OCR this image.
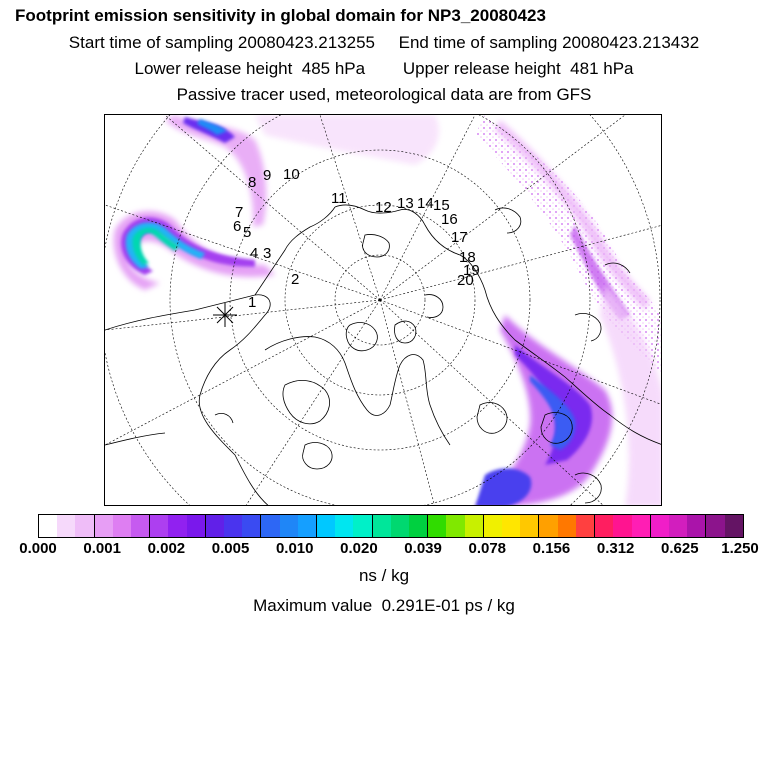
Footprint emission sensitivity in global domain for NP3_20080423
Start time of sampling 20080423.213255     End time of sampling 20080423.213432
Lower release height  485 hPa        Upper release height  481 hPa
Passive tracer used, meteorological data are from GFS
1
2
3
4
5
6
7
8 9 10
11
12 13 14 15
16
17
18
19
20
0.000 0.001 0.002 0.005 0.010 0.020 0.039 0.078 0.156 0.312 0.625 1.250
ns / kg
Maximum value  0.291E-01 ps / kg
